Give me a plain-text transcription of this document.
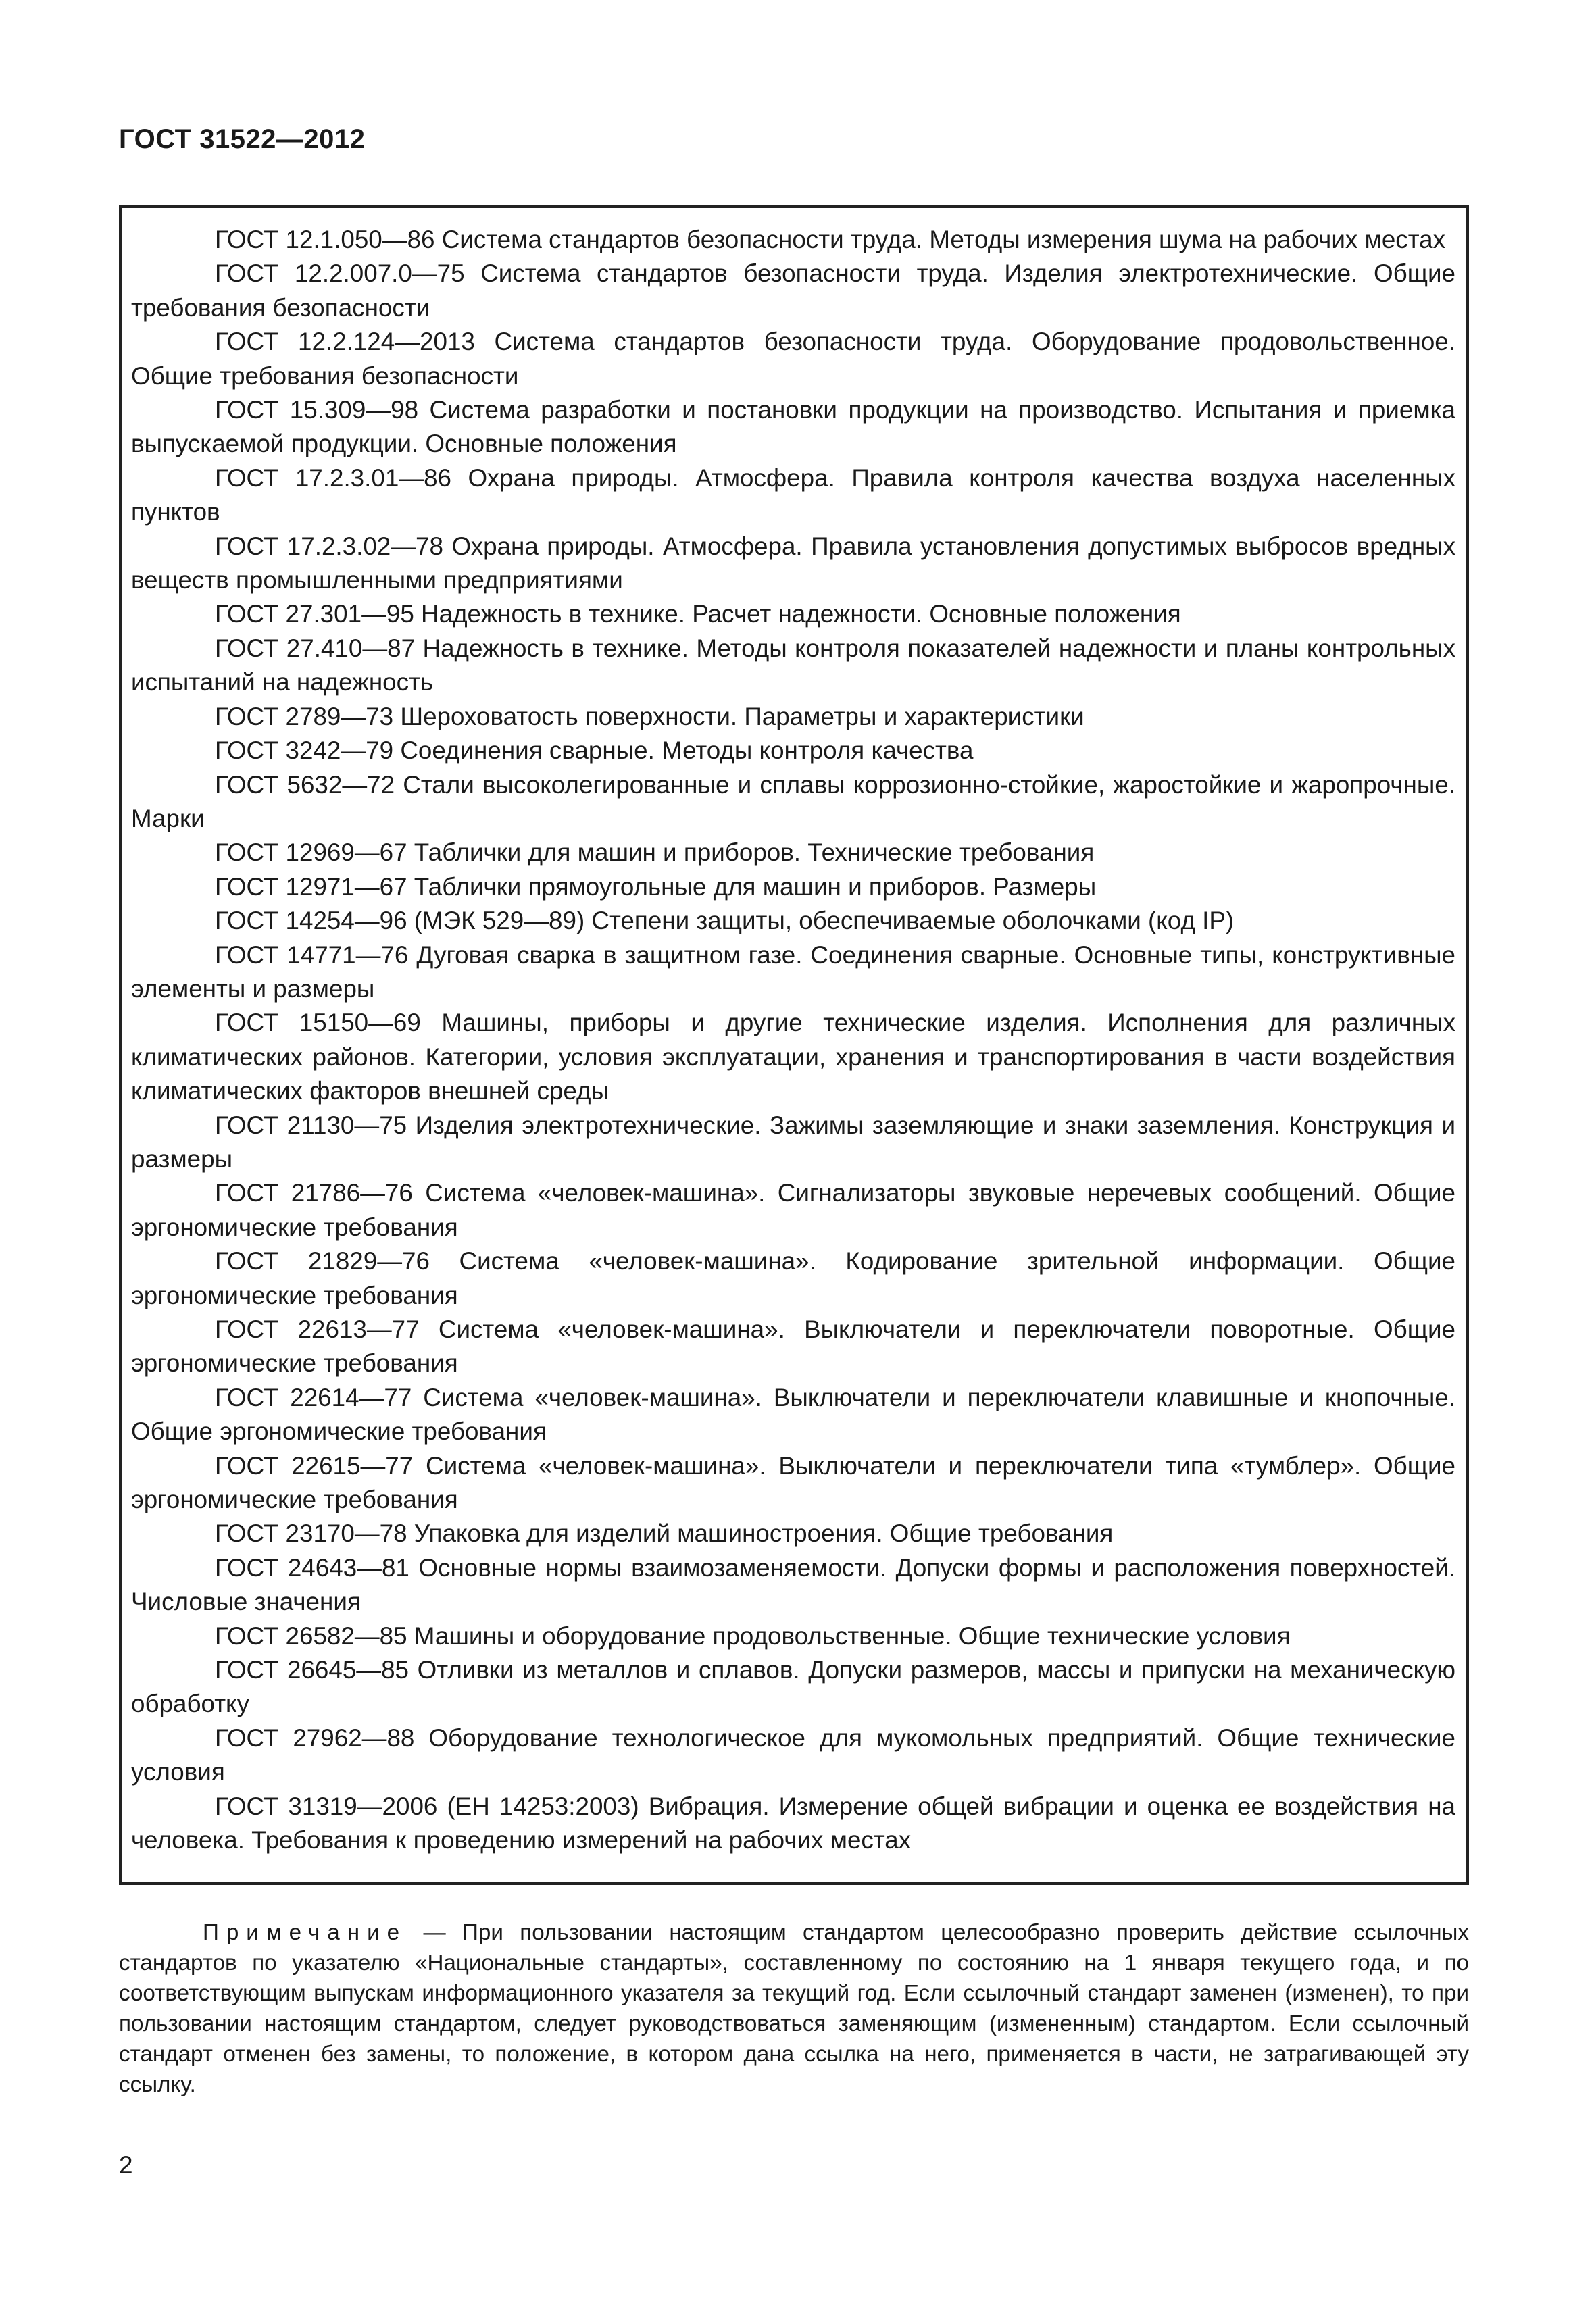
ГОСТ 31522—2012
ГОСТ 12.1.050—86 Система стандартов безопасности труда. Методы измерения шума на рабочих местах
ГОСТ 12.2.007.0—75 Система стандартов безопасности труда. Изделия электротехнические. Общие требования безопасности
ГОСТ 12.2.124—2013 Система стандартов безопасности труда. Оборудование продовольственное. Общие требования безопасности
ГОСТ 15.309—98 Система разработки и постановки продукции на производство. Испытания и приемка выпускаемой продукции. Основные положения
ГОСТ 17.2.3.01—86 Охрана природы. Атмосфера. Правила контроля качества воздуха населенных пунктов
ГОСТ 17.2.3.02—78 Охрана природы. Атмосфера. Правила установления допустимых выбросов вредных веществ промышленными предприятиями
ГОСТ 27.301—95 Надежность в технике. Расчет надежности. Основные положения
ГОСТ 27.410—87 Надежность в технике. Методы контроля показателей надежности и планы контрольных испытаний на надежность
ГОСТ 2789—73 Шероховатость поверхности. Параметры и характеристики
ГОСТ 3242—79 Соединения сварные. Методы контроля качества
ГОСТ 5632—72 Стали высоколегированные и сплавы коррозионно-стойкие, жаростойкие и жаропрочные. Марки
ГОСТ 12969—67 Таблички для машин и приборов. Технические требования
ГОСТ 12971—67 Таблички прямоугольные для машин и приборов. Размеры
ГОСТ 14254—96 (МЭК 529—89) Степени защиты, обеспечиваемые оболочками (код IP)
ГОСТ 14771—76 Дуговая сварка в защитном газе. Соединения сварные. Основные типы, конструктивные элементы и размеры
ГОСТ 15150—69 Машины, приборы и другие технические изделия. Исполнения для различных климатических районов. Категории, условия эксплуатации, хранения и транспортирования в части воздействия климатических факторов внешней среды
ГОСТ 21130—75 Изделия электротехнические. Зажимы заземляющие и знаки заземления. Конструкция и размеры
ГОСТ 21786—76 Система «человек-машина». Сигнализаторы звуковые неречевых сообщений. Общие эргономические требования
ГОСТ 21829—76 Система «человек-машина». Кодирование зрительной информации. Общие эргономические требования
ГОСТ 22613—77 Система «человек-машина». Выключатели и переключатели поворотные. Общие эргономические требования
ГОСТ 22614—77 Система «человек-машина». Выключатели и переключатели клавишные и кнопочные. Общие эргономические требования
ГОСТ 22615—77 Система «человек-машина». Выключатели и переключатели типа «тумблер». Общие эргономические требования
ГОСТ 23170—78 Упаковка для изделий машиностроения. Общие требования
ГОСТ 24643—81 Основные нормы взаимозаменяемости. Допуски формы и расположения поверхностей. Числовые значения
ГОСТ 26582—85 Машины и оборудование продовольственные. Общие технические условия
ГОСТ 26645—85 Отливки из металлов и сплавов. Допуски размеров, массы и припуски на механическую обработку
ГОСТ 27962—88 Оборудование технологическое для мукомольных предприятий. Общие технические условия
ГОСТ 31319—2006 (ЕН 14253:2003) Вибрация. Измерение общей вибрации и оценка ее воздействия на человека. Требования к проведению измерений на рабочих местах

Примечание — При пользовании настоящим стандартом целесообразно проверить действие ссылочных стандартов по указателю «Национальные стандарты», составленному по состоянию на 1 января текущего года, и по соответствующим выпускам информационного указателя за текущий год. Если ссылочный стандарт заменен (изменен), то при пользовании настоящим стандартом, следует руководствоваться заменяющим (измененным) стандартом. Если ссылочный стандарт отменен без замены, то положение, в котором дана ссылка на него, применяется в части, не затрагивающей эту ссылку.

2
